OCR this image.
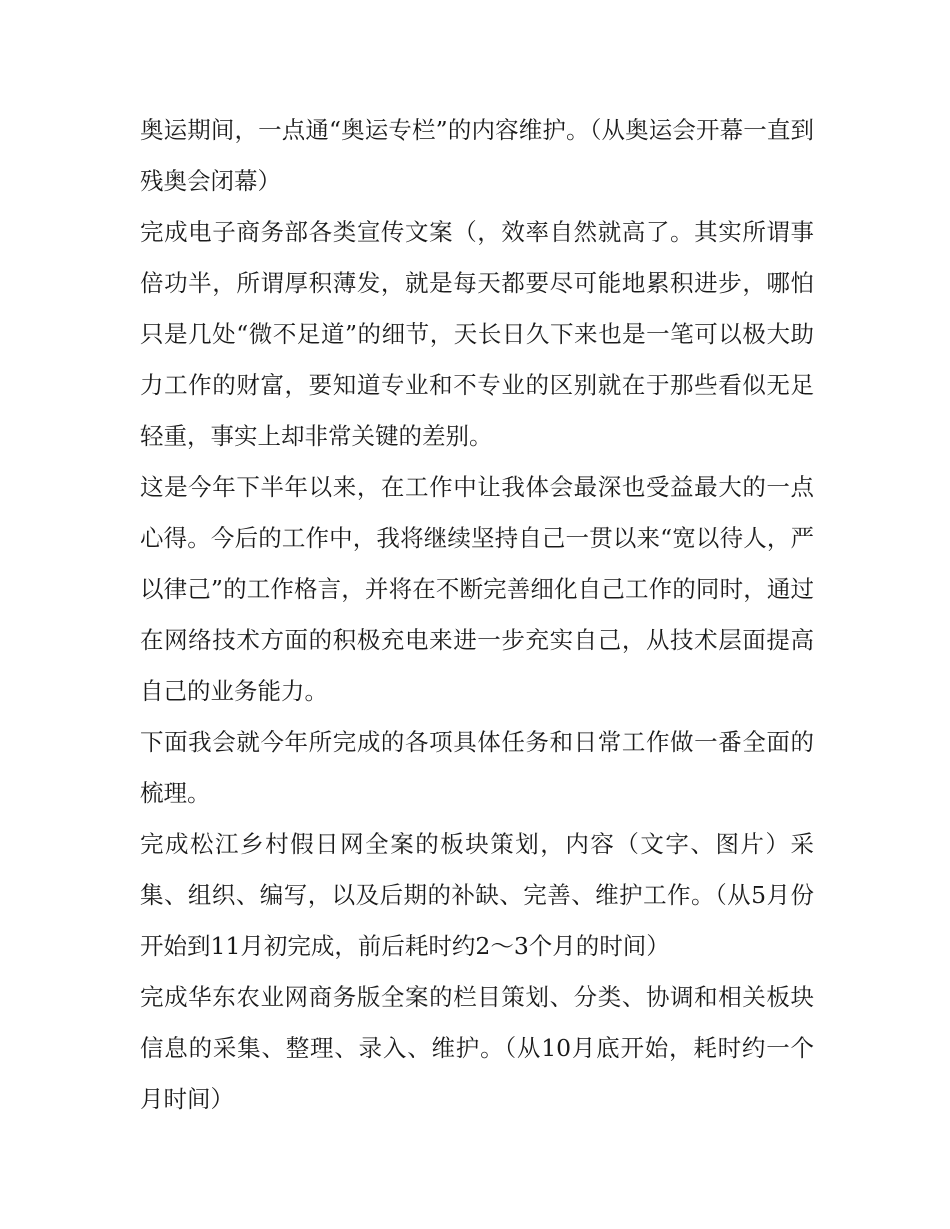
奥运期间，一点通“奥运专栏”的内容维护。（从奥运会开幕一直到残奥会闭幕）

完成电子商务部各类宣传文案（，效率自然就高了。其实所谓事倍功半，所谓厚积薄发，就是每天都要尽可能地累积进步，哪怕只是几处“微不足道”的细节，天长日久下来也是一笔可以极大助力工作的财富，要知道专业和不专业的区别就在于那些看似无足轻重，事实上却非常关键的差别。

这是今年下半年以来，在工作中让我体会最深也受益最大的一点心得。今后的工作中，我将继续坚持自己一贯以来“宽以待人，严以律己”的工作格言，并将在不断完善细化自己工作的同时，通过在网络技术方面的积极充电来进一步充实自己，从技术层面提高自己的业务能力。

下面我会就今年所完成的各项具体任务和日常工作做一番全面的梳理。

完成松江乡村假日网全案的板块策划，内容（文字、图片）采集、组织、编写，以及后期的补缺、完善、维护工作。（从5月份开始到11月初完成，前后耗时约2～3个月的时间）

完成华东农业网商务版全案的栏目策划、分类、协调和相关板块信息的采集、整理、录入、维护。（从10月底开始，耗时约一个月时间）
